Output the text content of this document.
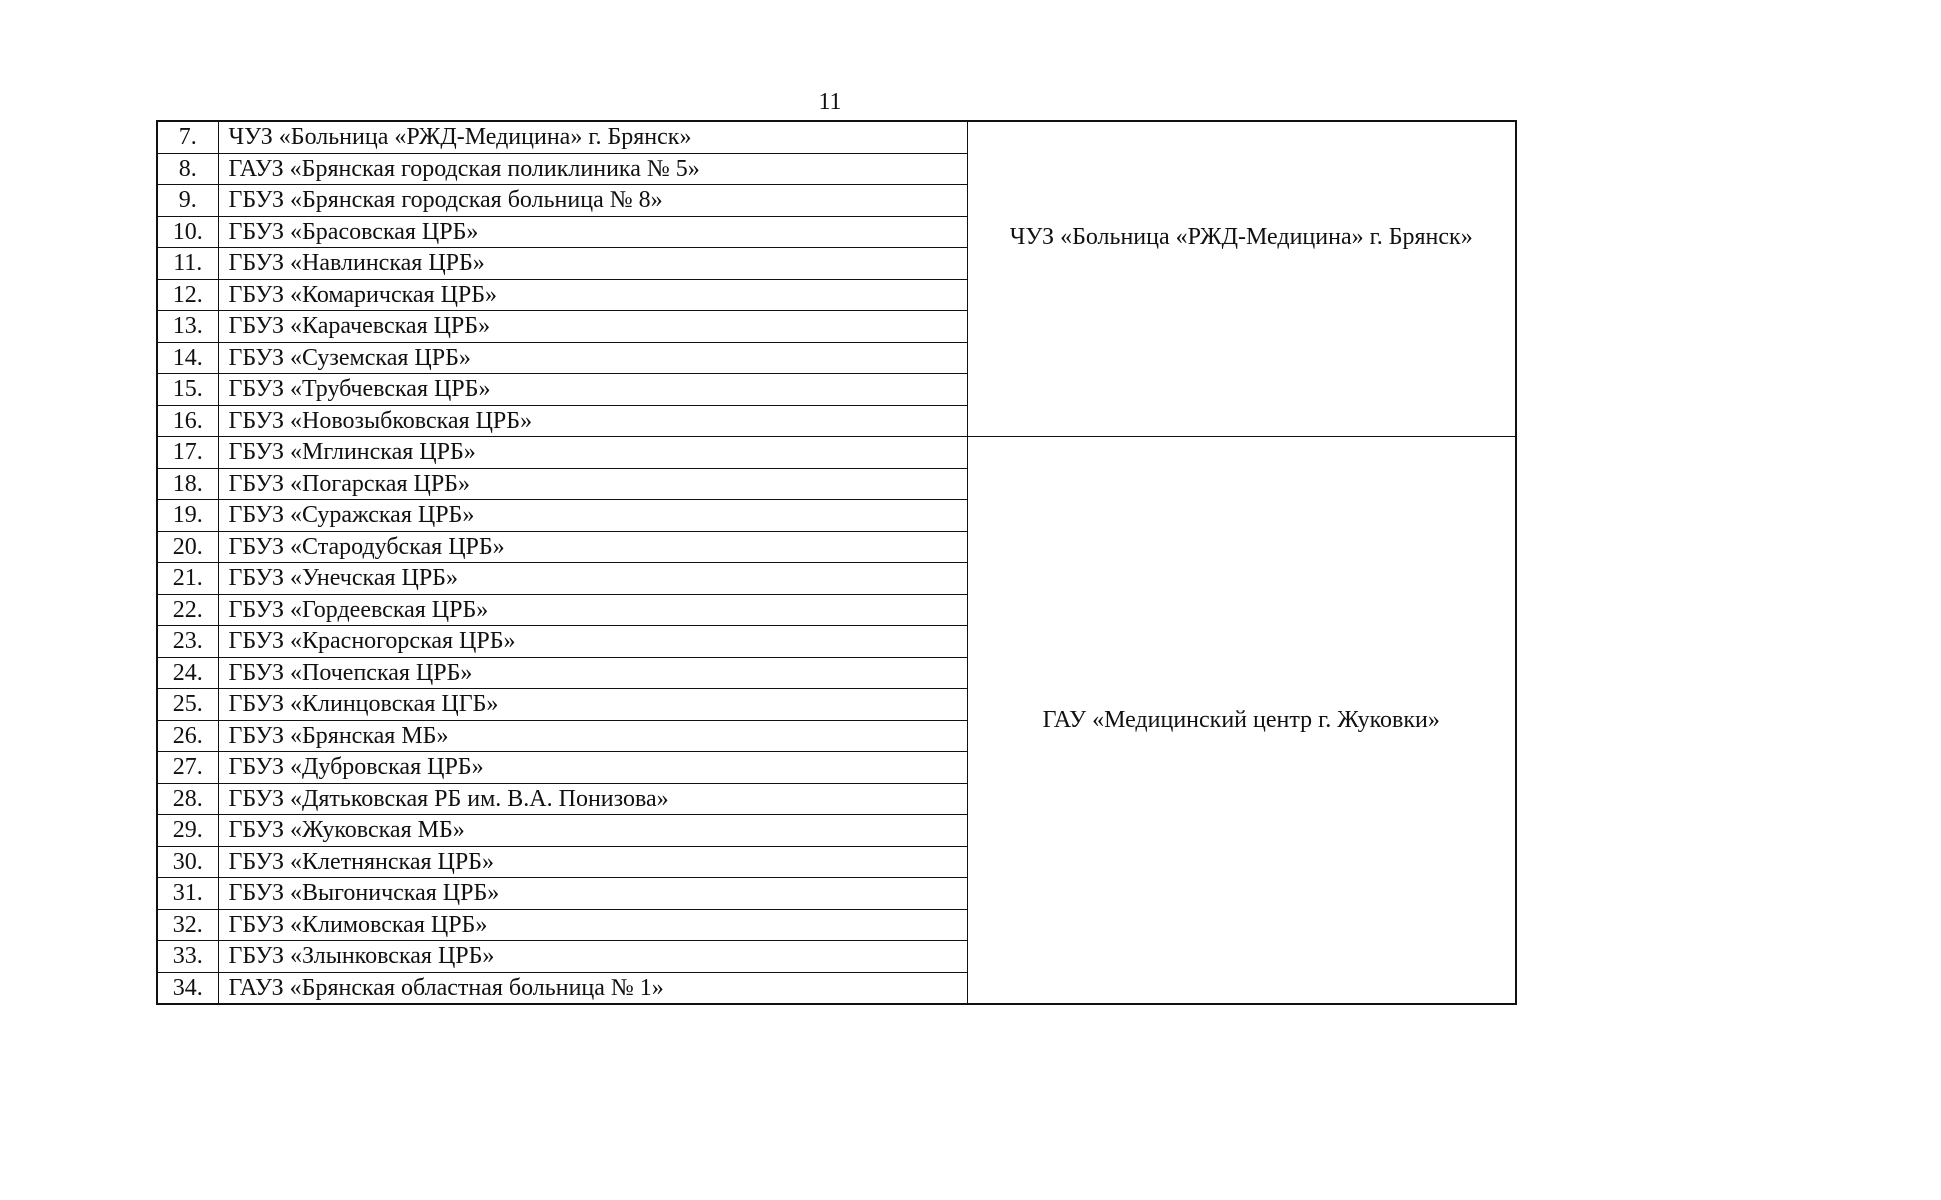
11
7.	ЧУЗ «Больница «РЖД-Медицина» г. Брянск»	ЧУЗ «Больница «РЖД-Медицина» г. Брянск»
8.	ГАУЗ «Брянская городская поликлиника № 5»	
9.	ГБУЗ «Брянская городская больница № 8»	
10.	ГБУЗ «Брасовская ЦРБ»	
11.	ГБУЗ «Навлинская ЦРБ»	
12.	ГБУЗ «Комаричская ЦРБ»	
13.	ГБУЗ «Карачевская ЦРБ»	
14.	ГБУЗ «Суземская ЦРБ»	
15.	ГБУЗ «Трубчевская ЦРБ»	
16.	ГБУЗ «Новозыбковская ЦРБ»	
17.	ГБУЗ «Мглинская ЦРБ»	ГАУ «Медицинский центр г. Жуковки»
18.	ГБУЗ «Погарская ЦРБ»	
19.	ГБУЗ «Суражская ЦРБ»	
20.	ГБУЗ «Стародубская ЦРБ»	
21.	ГБУЗ «Унечская ЦРБ»	
22.	ГБУЗ «Гордеевская ЦРБ»	
23.	ГБУЗ «Красногорская ЦРБ»	
24.	ГБУЗ «Почепская ЦРБ»	
25.	ГБУЗ «Клинцовская ЦГБ»	
26.	ГБУЗ «Брянская МБ»	
27.	ГБУЗ «Дубровская ЦРБ»	
28.	ГБУЗ «Дятьковская РБ им. В.А. Понизова»	
29.	ГБУЗ «Жуковская МБ»	
30.	ГБУЗ «Клетнянская ЦРБ»	
31.	ГБУЗ «Выгоничская ЦРБ»	
32.	ГБУЗ «Климовская ЦРБ»	
33.	ГБУЗ «Злынковская ЦРБ»	
34.	ГАУЗ «Брянская областная больница № 1»	
